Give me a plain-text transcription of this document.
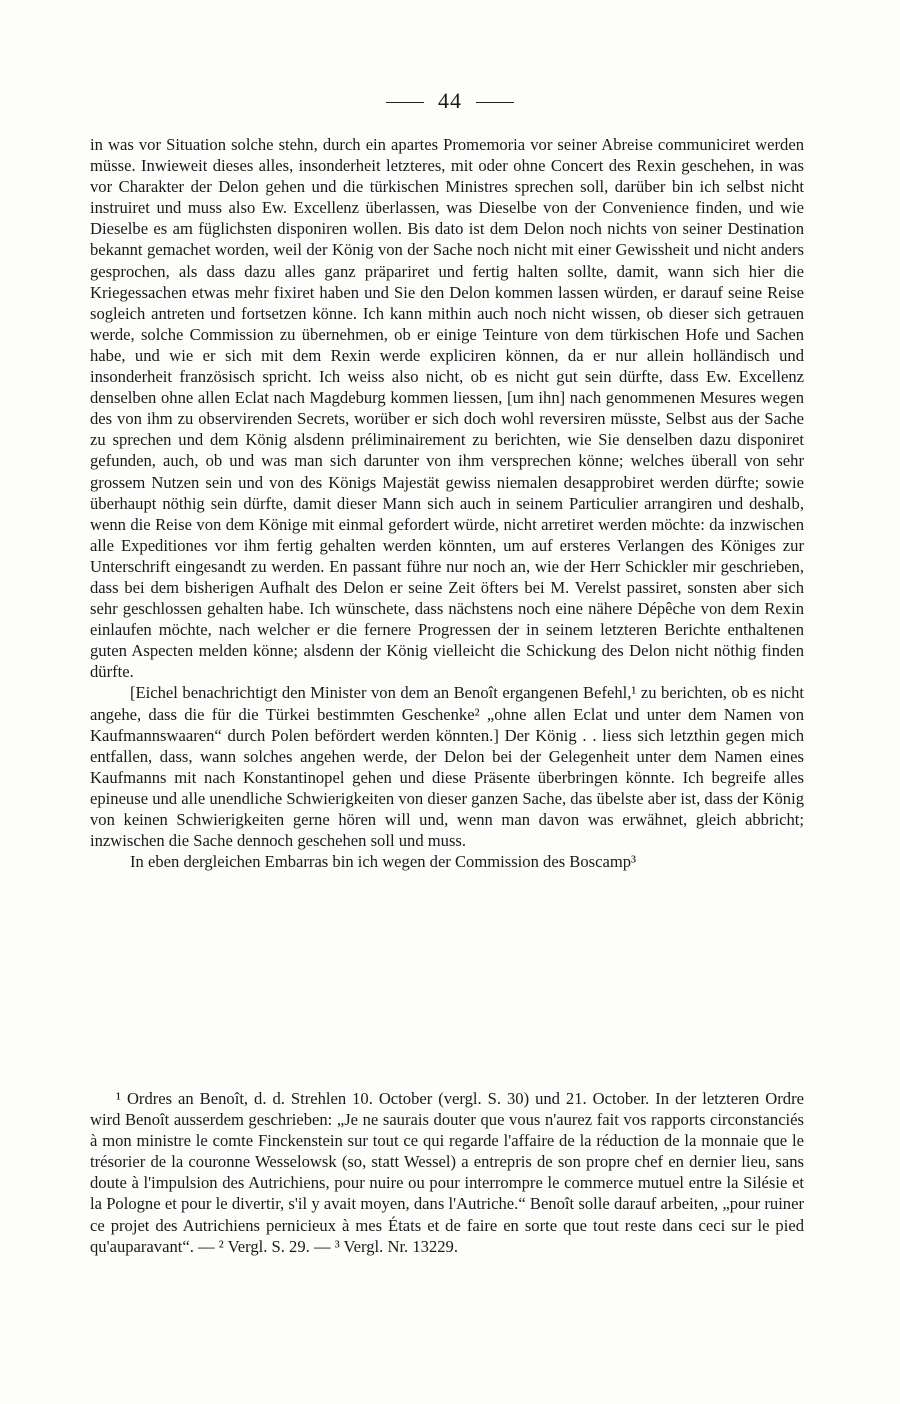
44

in was vor Situation solche stehn, durch ein apartes Promemoria vor seiner Abreise communiciret werden müsse. Inwieweit dieses alles, insonderheit letzteres, mit oder ohne Concert des Rexin geschehen, in was vor Charakter der Delon gehen und die türkischen Ministres sprechen soll, darüber bin ich selbst nicht instruiret und muss also Ew. Excellenz überlassen, was Dieselbe von der Convenience finden, und wie Dieselbe es am füglichsten disponiren wollen. Bis dato ist dem Delon noch nichts von seiner Destination bekannt gemachet worden, weil der König von der Sache noch nicht mit einer Gewissheit und nicht anders gesprochen, als dass dazu alles ganz präpariret und fertig halten sollte, damit, wann sich hier die Kriegessachen etwas mehr fixiret haben und Sie den Delon kommen lassen würden, er darauf seine Reise sogleich antreten und fortsetzen könne. Ich kann mithin auch noch nicht wissen, ob dieser sich getrauen werde, solche Commission zu übernehmen, ob er einige Teinture von dem türkischen Hofe und Sachen habe, und wie er sich mit dem Rexin werde expliciren können, da er nur allein holländisch und insonderheit französisch spricht. Ich weiss also nicht, ob es nicht gut sein dürfte, dass Ew. Excellenz denselben ohne allen Eclat nach Magdeburg kommen liessen, [um ihn] nach genommenen Mesures wegen des von ihm zu observirenden Secrets, worüber er sich doch wohl reversiren müsste, Selbst aus der Sache zu sprechen und dem König alsdenn préliminairement zu berichten, wie Sie denselben dazu disponiret gefunden, auch, ob und was man sich darunter von ihm versprechen könne; welches überall von sehr grossem Nutzen sein und von des Königs Majestät gewiss niemalen desapprobiret werden dürfte; sowie überhaupt nöthig sein dürfte, damit dieser Mann sich auch in seinem Particulier arrangiren und deshalb, wenn die Reise von dem Könige mit einmal gefordert würde, nicht arretiret werden möchte: da inzwischen alle Expeditiones vor ihm fertig gehalten werden könnten, um auf ersteres Verlangen des Königes zur Unterschrift eingesandt zu werden. En passant führe nur noch an, wie der Herr Schickler mir geschrieben, dass bei dem bisherigen Aufhalt des Delon er seine Zeit öfters bei M. Verelst passiret, sonsten aber sich sehr geschlossen gehalten habe. Ich wünschete, dass nächstens noch eine nähere Dépêche von dem Rexin einlaufen möchte, nach welcher er die fernere Progressen der in seinem letzteren Berichte enthaltenen guten Aspecten melden könne; alsdenn der König vielleicht die Schickung des Delon nicht nöthig finden dürfte.

[Eichel benachrichtigt den Minister von dem an Benoît ergangenen Befehl,¹ zu berichten, ob es nicht angehe, dass die für die Türkei bestimmten Geschenke² „ohne allen Eclat und unter dem Namen von Kaufmannswaaren“ durch Polen befördert werden könnten.] Der König . . liess sich letzthin gegen mich entfallen, dass, wann solches angehen werde, der Delon bei der Gelegenheit unter dem Namen eines Kaufmanns mit nach Konstantinopel gehen und diese Präsente überbringen könnte. Ich begreife alles epineuse und alle unendliche Schwierigkeiten von dieser ganzen Sache, das übelste aber ist, dass der König von keinen Schwierigkeiten gerne hören will und, wenn man davon was erwähnet, gleich abbricht; inzwischen die Sache dennoch geschehen soll und muss.

In eben dergleichen Embarras bin ich wegen der Commission des Boscamp³

¹ Ordres an Benoît, d. d. Strehlen 10. October (vergl. S. 30) und 21. October. In der letzteren Ordre wird Benoît ausserdem geschrieben: „Je ne saurais douter que vous n'aurez fait vos rapports circonstanciés à mon ministre le comte Finckenstein sur tout ce qui regarde l'affaire de la réduction de la monnaie que le trésorier de la couronne Wesselowsk (so, statt Wessel) a entrepris de son propre chef en dernier lieu, sans doute à l'impulsion des Autrichiens, pour nuire ou pour interrompre le commerce mutuel entre la Silésie et la Pologne et pour le divertir, s'il y avait moyen, dans l'Autriche.“ Benoît solle darauf arbeiten, „pour ruiner ce projet des Autrichiens pernicieux à mes États et de faire en sorte que tout reste dans ceci sur le pied qu'auparavant“. — ² Vergl. S. 29. — ³ Vergl. Nr. 13229.
